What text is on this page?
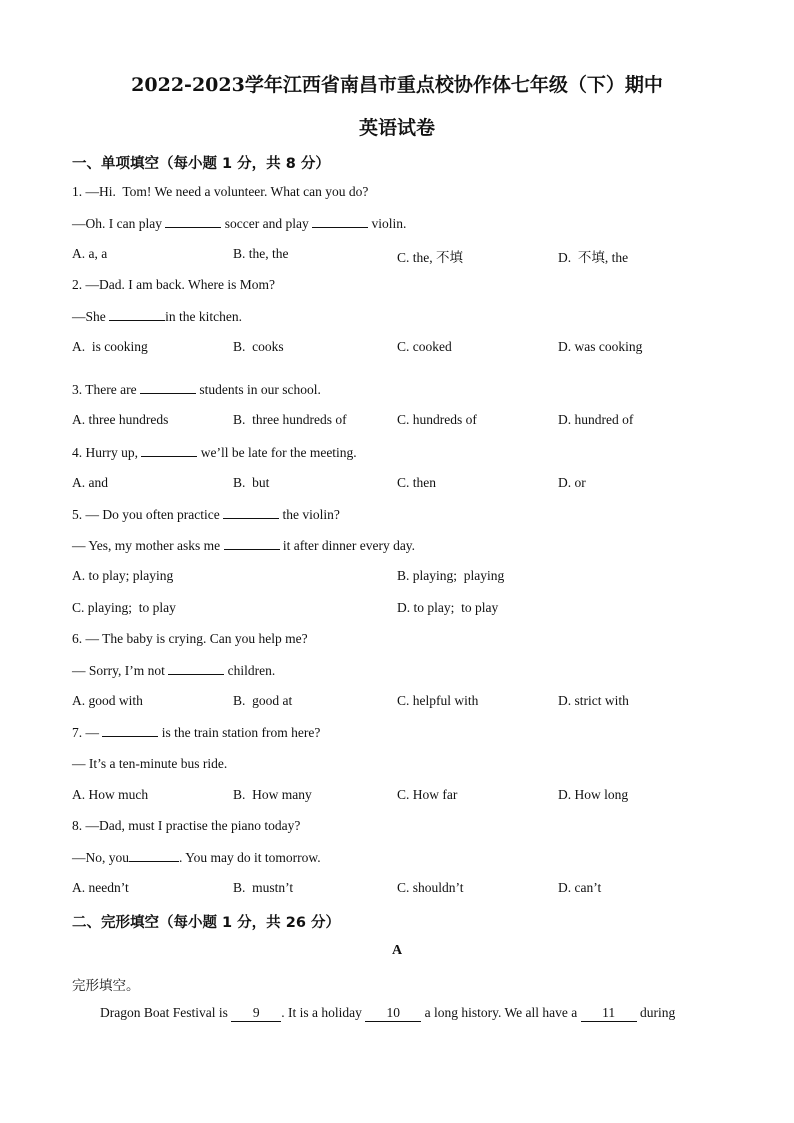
2022-2023学年江西省南昌市重点校协作体七年级（下）期中
英语试卷
一、单项填空（每小题 1 分，共 8 分）
1. —Hi.  Tom! We need a volunteer. What can you do?
—Oh. I can play	soccer and play	violin.
A. a, a	B. the, the	C. the, 不填	D.  不填, the
2. —Dad. I am back. Where is Mom?
—She	in the kitchen.
A.  is cooking	B.  cooks	C. cooked	D. was cooking
3. There are	students in our school.
A. three hundreds	B.  three hundreds of	C. hundreds of	D. hundred of
4. Hurry up,	we’ll be late for the meeting.
A. and	B.  but	C. then	D. or
5. — Do you often practice	the violin?
— Yes, my mother asks me	it after dinner every day.
A. to play; playing	B. playing;  playing
C. playing;  to play	D. to play;  to play
6. — The baby is crying. Can you help me?
— Sorry, I’m not	children.
A. good with	B.  good at	C. helpful with	D. strict with
7. —	is the train station from here?
— It’s a ten-minute bus ride.
A. How much	B.  How many	C. How far	D. How long
8. —Dad, must I practise the piano today?
—No, you	. You may do it tomorrow.
A. needn’t	B.  mustn’t	C. shouldn’t	D. can’t
二、完形填空（每小题 1 分，共 26 分）
A
完形填空。
Dragon Boat Festival is 9 . It is a holiday 10 a long history. We all have a 11 during
